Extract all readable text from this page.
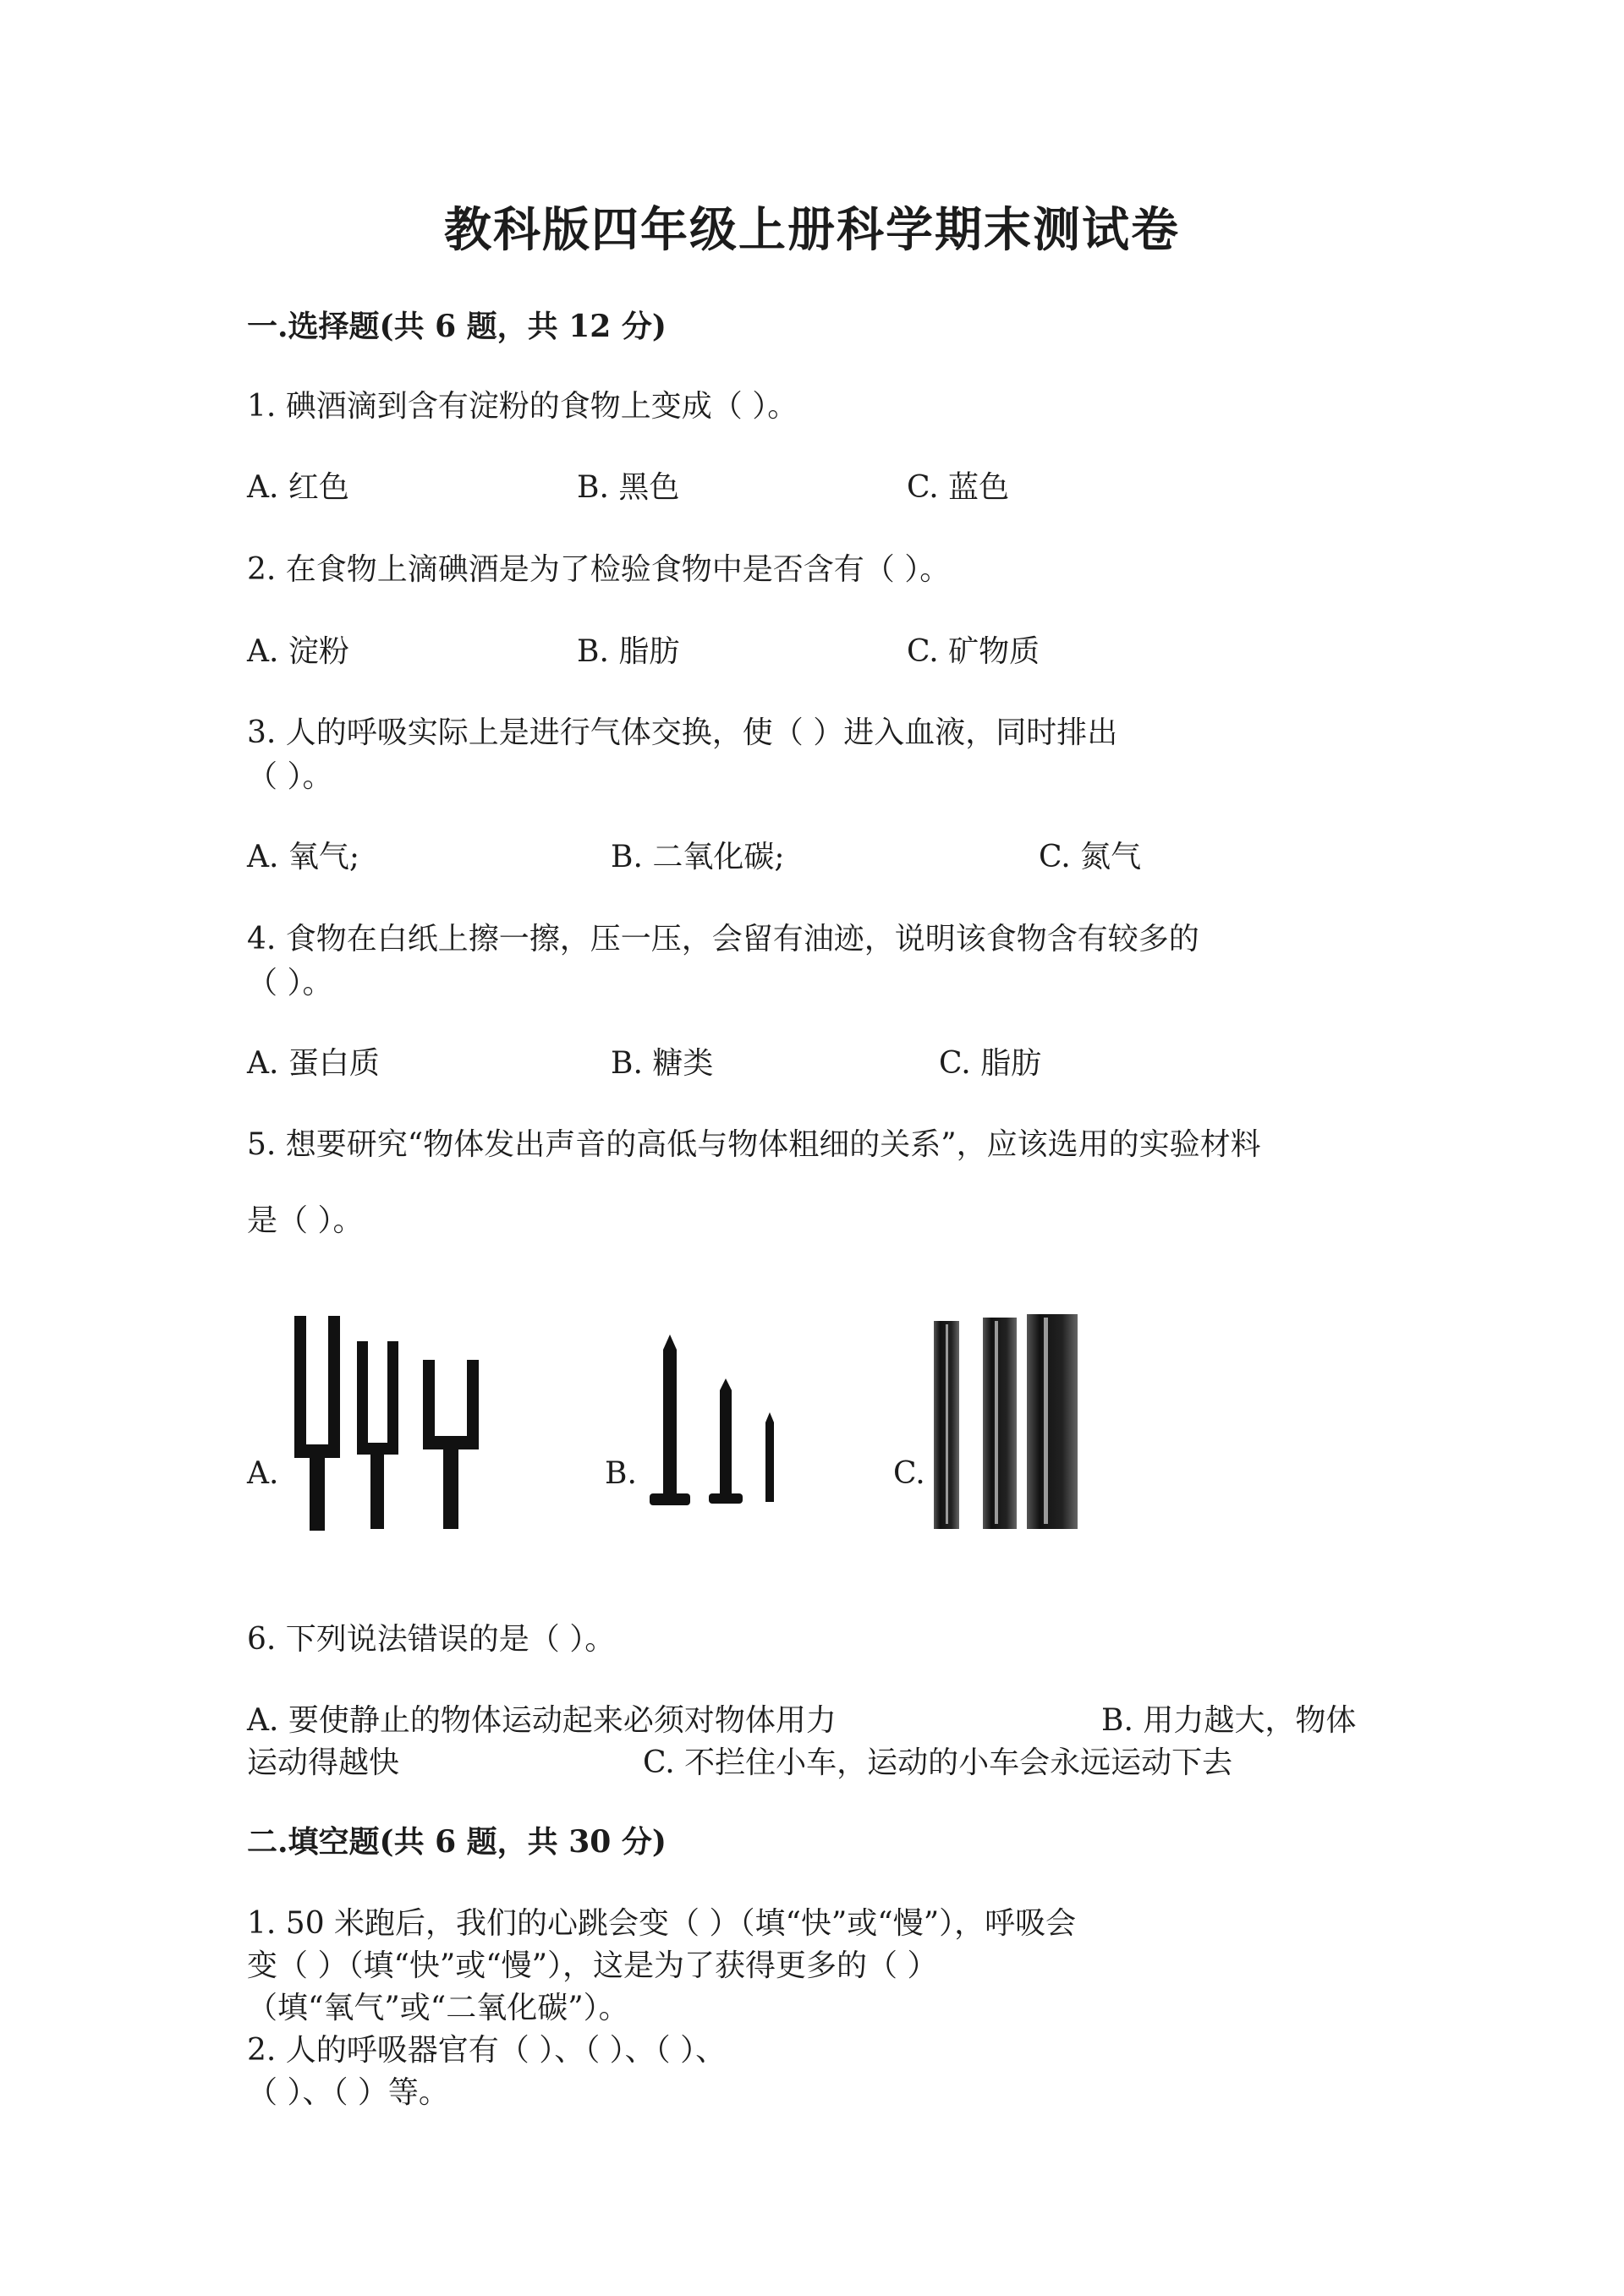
教科版四年级上册科学期末测试卷
一.选择题(共 6 题，共 12 分)
1. 碘酒滴到含有淀粉的食物上变成（ ）。
A. 红色	B. 黑色	C. 蓝色
2. 在食物上滴碘酒是为了检验食物中是否含有（ ）。
A. 淀粉	B. 脂肪	C. 矿物质
3. 人的呼吸实际上是进行气体交换，使（ ）进入血液，同时排出
（ ）。
A. 氧气;	B. 二氧化碳;	C. 氮气
4. 食物在白纸上擦一擦，压一压，会留有油迹，说明该食物含有较多的
（ ）。
A. 蛋白质	B. 糖类	C. 脂肪
5. 想要研究“物体发出声音的高低与物体粗细的关系”，应该选用的实验材料
是（ ）。
A.	B.	C.
6. 下列说法错误的是（ ）。
A. 要使静止的物体运动起来必须对物体用力	B. 用力越大，物体
运动得越快	C. 不拦住小车，运动的小车会永远运动下去
二.填空题(共 6 题，共 30 分)
1. 50 米跑后，我们的心跳会变（ ）（填“快”或“慢”），呼吸会
变（ ）（填“快”或“慢”），这是为了获得更多的（ ）
（填“氧气”或“二氧化碳”）。
2. 人的呼吸器官有（ ）、（ ）、（ ）、
（ ）、（ ）等。
